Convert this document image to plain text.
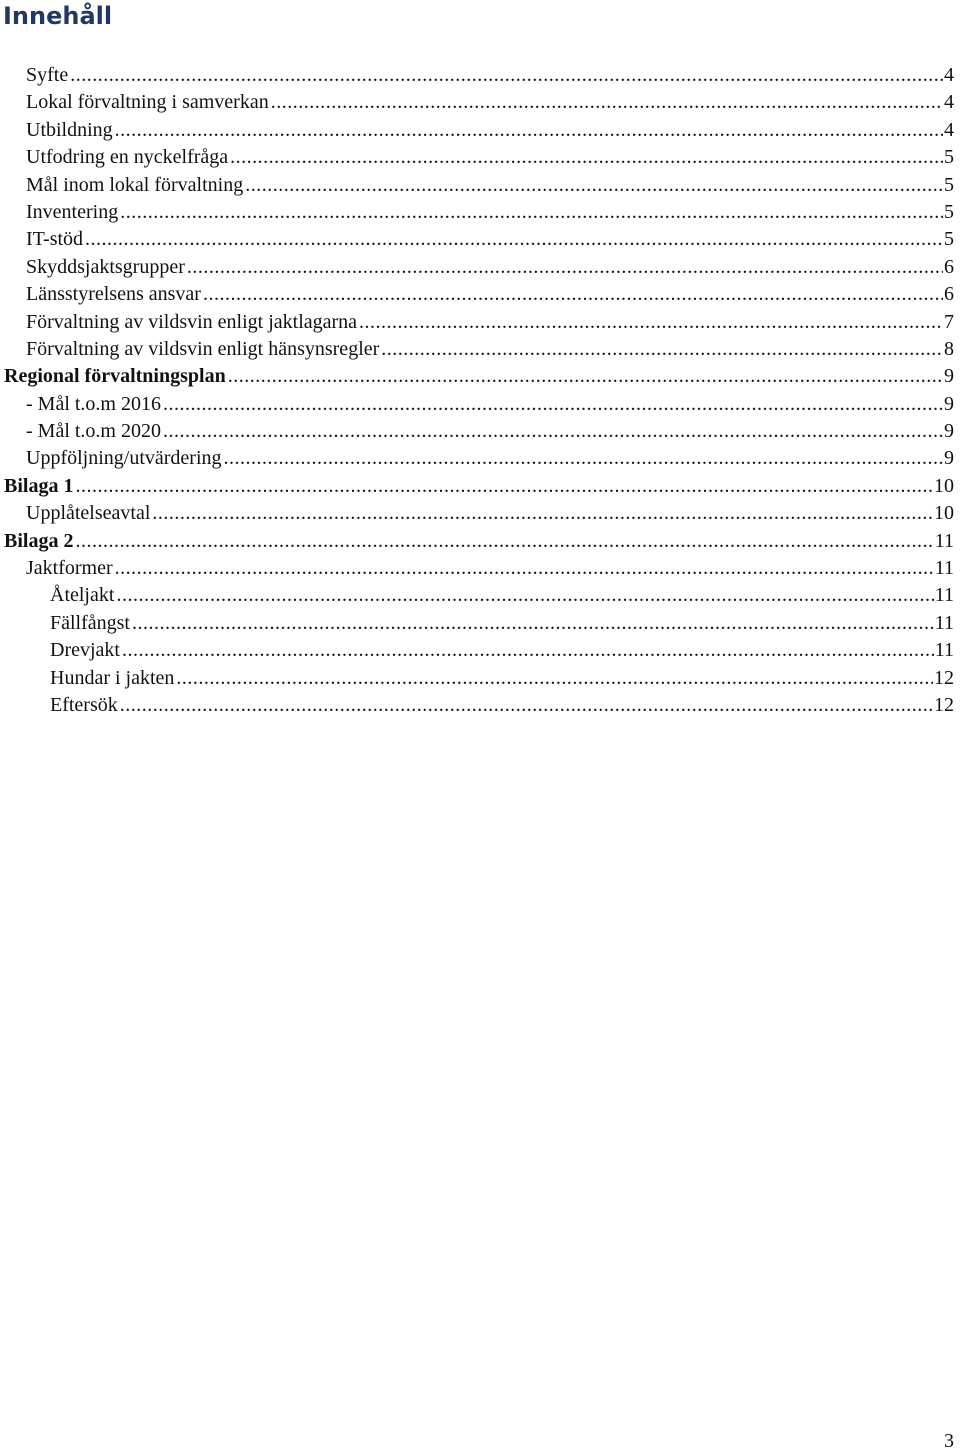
Innehåll
Syfte .....	4
Lokal förvaltning i samverkan .....	4
Utbildning .....	4
Utfodring en nyckelfråga .....	5
Mål inom lokal förvaltning .....	5
Inventering .....	5
IT-stöd .....	5
Skyddsjaktsgrupper .....	6
Länsstyrelsens ansvar .....	6
Förvaltning av vildsvin enligt jaktlagarna .....	7
Förvaltning av vildsvin enligt hänsynsregler .....	8
Regional förvaltningsplan .....	9
- Mål t.o.m 2016 .....	9
- Mål t.o.m 2020 .....	9
Uppföljning/utvärdering .....	9
Bilaga 1 .....	10
Upplåtelseavtal .....	10
Bilaga 2 .....	11
Jaktformer .....	11
Åteljakt .....	11
Fällfångst .....	11
Drevjakt .....	11
Hundar i jakten .....	12
Eftersök .....	12
3
